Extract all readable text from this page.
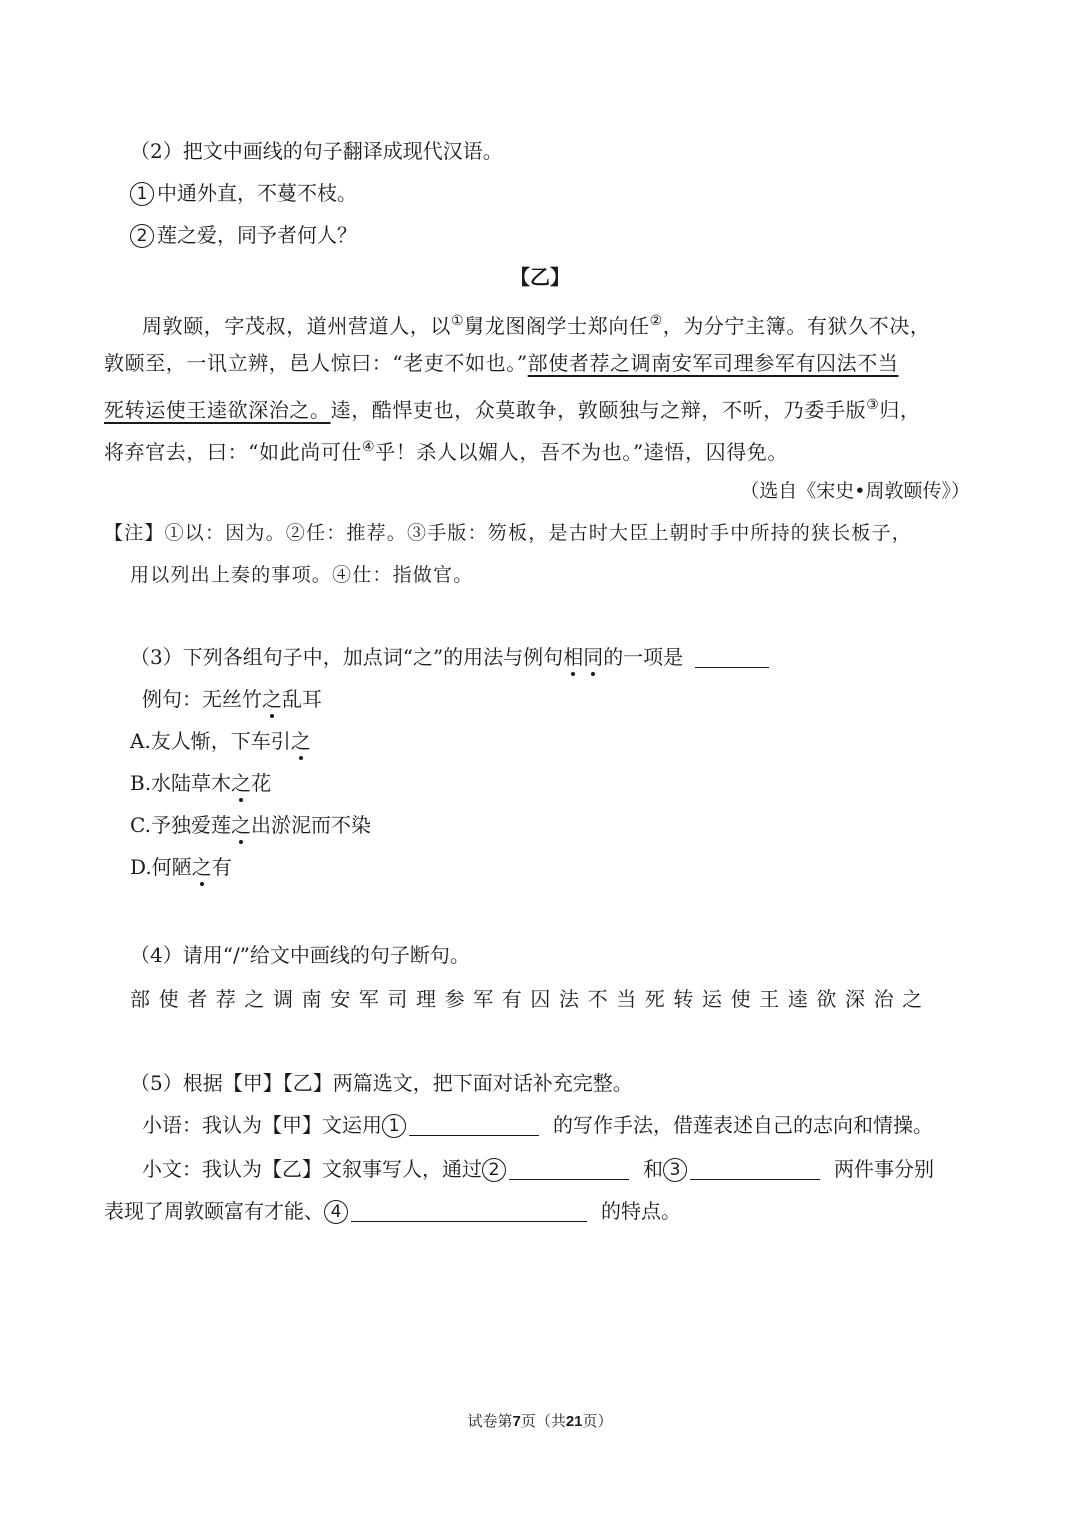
（2）把文中画线的句子翻译成现代汉语。
1 中通外直，不蔓不枝。
2 莲之爱，同予者何人？
【乙】
周敦颐，字茂叔，道州营道人，以①舅龙图阁学士郑向任②，为分宁主簿。有狱久不决，
敦颐至，一讯立辨，邑人惊曰：“老吏不如也。”部使者荐之调南安军司理参军有囚法不当
死转运使王逵欲深治之。逵，酷悍吏也，众莫敢争，敦颐独与之辩，不听，乃委手版③归，
将弃官去，曰：“如此尚可仕④乎！杀人以媚人，吾不为也。”逵悟，囚得免。
（选自《宋史•周敦颐传》）
【注】①以：因为。②任：推荐。③手版：笏板，是古时大臣上朝时手中所持的狭长板子，
用以列出上奏的事项。④仕：指做官。
（3）下列各组句子中，加点词“之”的用法与例句相同的一项是
例句：无丝竹之乱耳
A.友人惭，下车引之
B.水陆草木之花
C.予独爱莲之出淤泥而不染
D.何陋之有
（4）请用“/”给文中画线的句子断句。
部使者荐之调南安军司理参军有囚法不当死转运使王逵欲深治之
（5）根据【甲】【乙】两篇选文，把下面对话补充完整。
小语：我认为【甲】文运用 1	的写作手法，借莲表述自己的志向和情操。
小文：我认为【乙】文叙事写人，通过 2	和 3	两件事分别
表现了周敦颐富有才能、 4	的特点。
试卷第7页（共21页）
